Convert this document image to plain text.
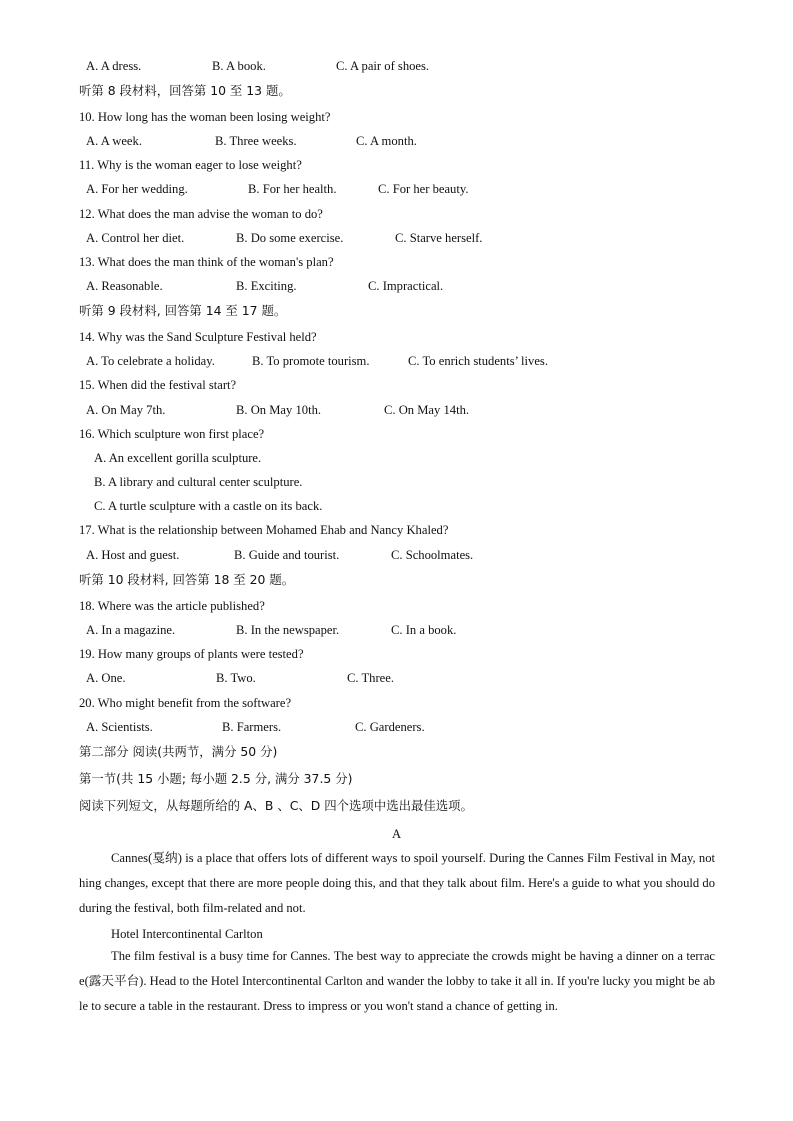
A. A dress.	B. A book.	C. A pair of shoes.
听第 8 段材料，回答第 10 至 13 题。
10. How long has the woman been losing weight?
A. A week.	B. Three weeks.	C. A month.
11. Why is the woman eager to lose weight?
A. For her wedding.	B. For her health.	C. For her beauty.
12. What does the man advise the woman to do?
A. Control her diet.	B. Do some exercise.	C. Starve herself.
13. What does the man think of the woman's plan?
A. Reasonable.	B. Exciting.	C. Impractical.
听第 9 段材料, 回答第 14 至 17 题。
14. Why was the Sand Sculpture Festival held?
A. To celebrate a holiday.	B. To promote tourism.	C. To enrich students’ lives.
15. When did the festival start?
A. On May 7th.	B. On May 10th.	C. On May 14th.
16. Which sculpture won first place?
A. An excellent gorilla sculpture.
B. A library and cultural center sculpture.
C. A turtle sculpture with a castle on its back.
17. What is the relationship between Mohamed Ehab and Nancy Khaled?
A. Host and guest.	B. Guide and tourist.	C. Schoolmates.
听第 10 段材料, 回答第 18 至 20 题。
18. Where was the article published?
A. In a magazine.	B. In the newspaper.	C. In a book.
19. How many groups of plants were tested?
A. One.	B. Two.	C. Three.
20. Who might benefit from the software?
A. Scientists.	B. Farmers.	C. Gardeners.
第二部分 阅读(共两节，满分 50 分)
第一节(共 15 小题; 每小题 2.5 分, 满分 37.5 分)
阅读下列短文，从每题所给的 A、B 、C、D 四个选项中选出最佳选项。
A

Cannes(戛纳) is a place that offers lots of different ways to spoil yourself. During the Cannes Film Festival in May, nothing changes, except that there are more people doing this, and that they talk about film. Here's a guide to what you should do during the festival, both film-related and not.

Hotel Intercontinental Carlton

The film festival is a busy time for Cannes. The best way to appreciate the crowds might be having a dinner on a terrace(露天平台). Head to the Hotel Intercontinental Carlton and wander the lobby to take it all in. If you're lucky you might be able to secure a table in the restaurant. Dress to impress or you won't stand a chance of getting in.
